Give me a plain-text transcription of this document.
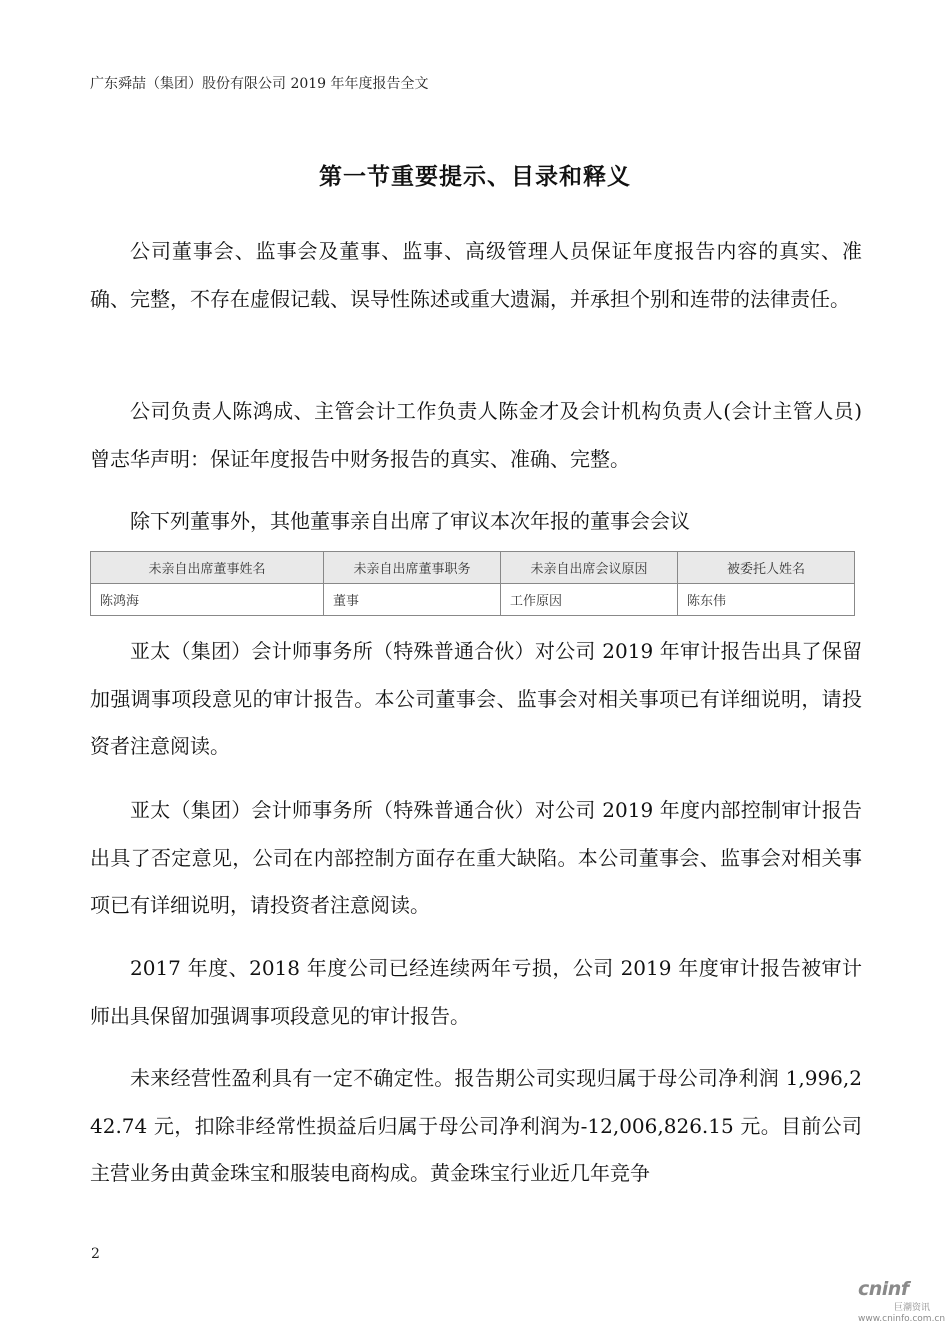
广东舜喆（集团）股份有限公司 2019 年年度报告全文
第一节重要提示、目录和释义

公司董事会、监事会及董事、监事、高级管理人员保证年度报告内容的真实、准确、完整，不存在虚假记载、误导性陈述或重大遗漏，并承担个别和连带的法律责任。

公司负责人陈鸿成、主管会计工作负责人陈金才及会计机构负责人(会计主管人员)曾志华声明：保证年度报告中财务报告的真实、准确、完整。

除下列董事外，其他董事亲自出席了审议本次年报的董事会会议

未亲自出席董事姓名	未亲自出席董事职务	未亲自出席会议原因	被委托人姓名
陈鸿海	董事	工作原因	陈东伟

亚太（集团）会计师事务所（特殊普通合伙）对公司 2019 年审计报告出具了保留加强调事项段意见的审计报告。本公司董事会、监事会对相关事项已有详细说明，请投资者注意阅读。

亚太（集团）会计师事务所（特殊普通合伙）对公司 2019 年度内部控制审计报告出具了否定意见，公司在内部控制方面存在重大缺陷。本公司董事会、监事会对相关事项已有详细说明，请投资者注意阅读。

2017 年度、2018 年度公司已经连续两年亏损，公司 2019 年度审计报告被审计师出具保留加强调事项段意见的审计报告。

未来经营性盈利具有一定不确定性。报告期公司实现归属于母公司净利润 1,996,242.74 元，扣除非经常性损益后归属于母公司净利润为-12,006,826.15 元。目前公司主营业务由黄金珠宝和服装电商构成。黄金珠宝行业近几年竞争

2
cninf
巨潮资讯
www.cninfo.com.cn
